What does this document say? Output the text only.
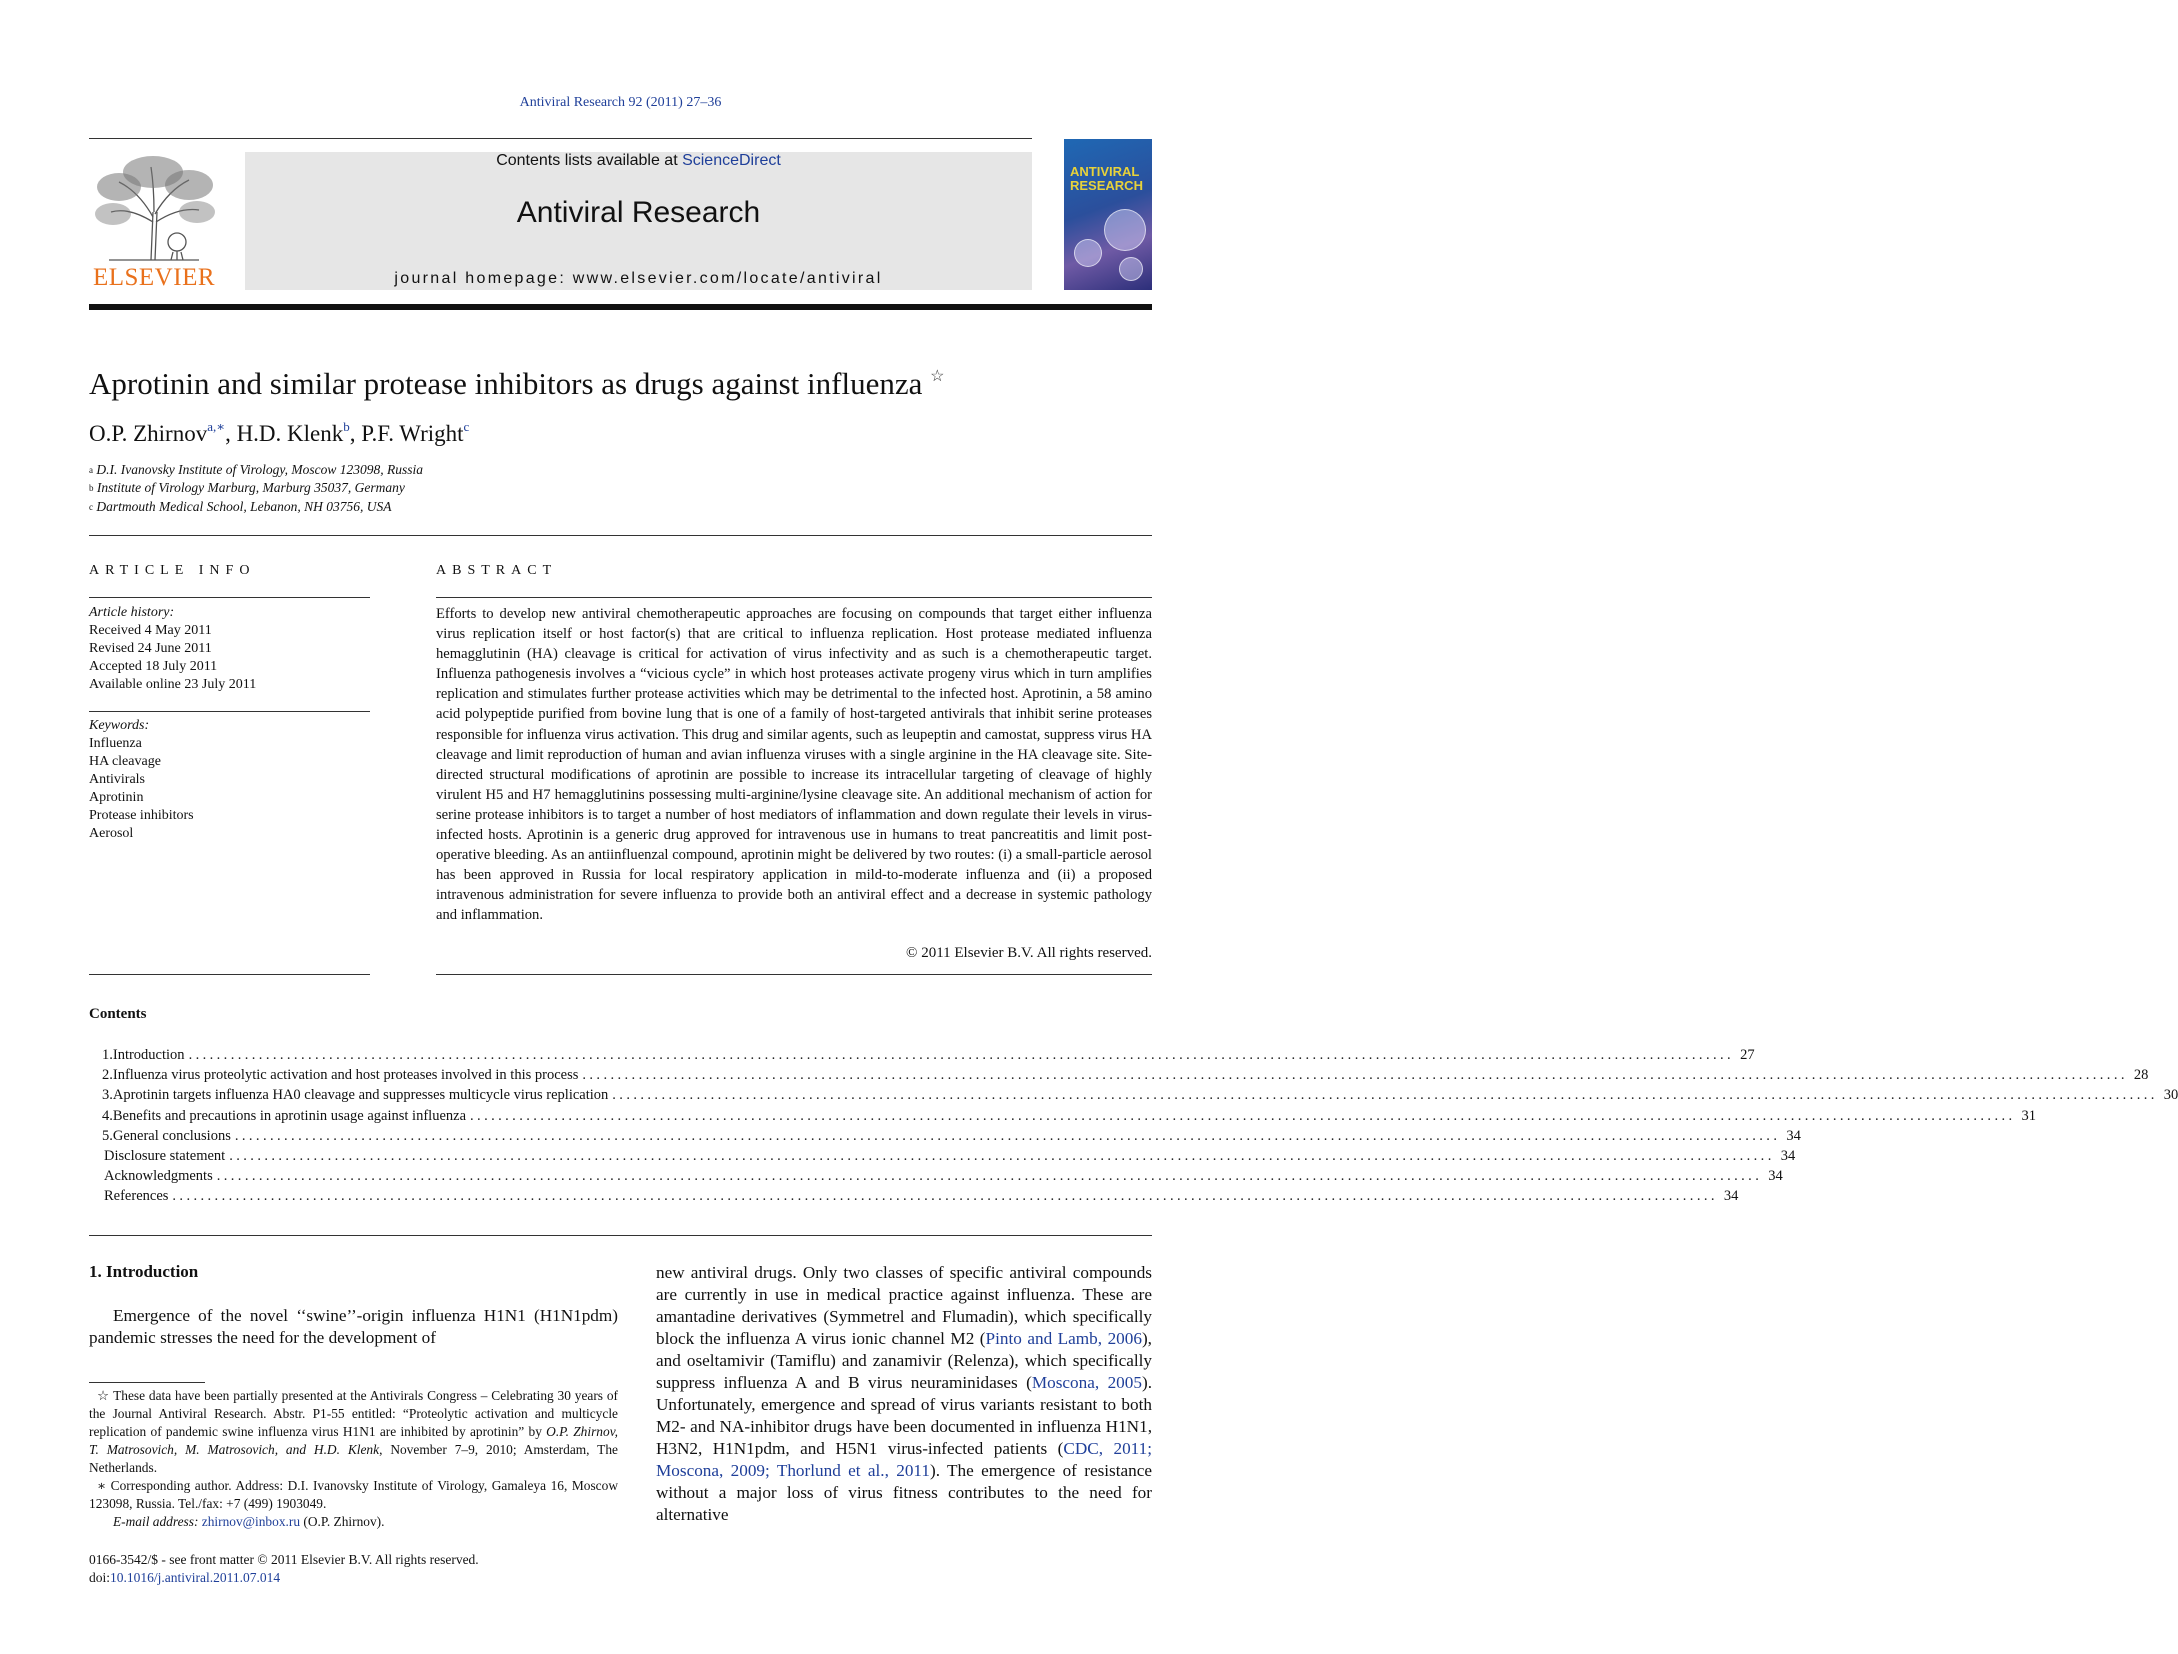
Antiviral Research 92 (2011) 27–36
ELSEVIER
Contents lists available at ScienceDirect
Antiviral Research
journal homepage: www.elsevier.com/locate/antiviral
ANTIVIRAL RESEARCH
Aprotinin and similar protease inhibitors as drugs against influenza ☆
O.P. Zhirnov$^{a,∗}$, H.D. Klenk$^b$, P.F. Wright$^c$
$^a$ D.I. Ivanovsky Institute of Virology, Moscow 123098, Russia
$^b$ Institute of Virology Marburg, Marburg 35037, Germany
$^c$ Dartmouth Medical School, Lebanon, NH 03756, USA
ARTICLE INFO	ABSTRACT
Article history:
Received 4 May 2011
Revised 24 June 2011
Accepted 18 July 2011
Available online 23 July 2011
Keywords:
Influenza
HA cleavage
Antivirals
Aprotinin
Protease inhibitors
Aerosol
Efforts to develop new antiviral chemotherapeutic approaches are focusing on compounds that target either influenza virus replication itself or host factor(s) that are critical to influenza replication. Host protease mediated influenza hemagglutinin (HA) cleavage is critical for activation of virus infectivity and as such is a chemotherapeutic target. Influenza pathogenesis involves a “vicious cycle” in which host proteases activate progeny virus which in turn amplifies replication and stimulates further protease activities which may be detrimental to the infected host. Aprotinin, a 58 amino acid polypeptide purified from bovine lung that is one of a family of host-targeted antivirals that inhibit serine proteases responsible for influenza virus activation. This drug and similar agents, such as leupeptin and camostat, suppress virus HA cleavage and limit reproduction of human and avian influenza viruses with a single arginine in the HA cleavage site. Site-directed structural modifications of aprotinin are possible to increase its intracellular targeting of cleavage of highly virulent H5 and H7 hemagglutinins possessing multi-arginine/lysine cleavage site. An additional mechanism of action for serine protease inhibitors is to target a number of host mediators of inflammation and down regulate their levels in virus-infected hosts. Aprotinin is a generic drug approved for intravenous use in humans to treat pancreatitis and limit post-operative bleeding. As an antiinfluenzal compound, aprotinin might be delivered by two routes: (i) a small-particle aerosol has been approved in Russia for local respiratory application in mild-to-moderate influenza and (ii) a proposed intravenous administration for severe influenza to provide both an antiviral effect and a decrease in systemic pathology and inflammation.
© 2011 Elsevier B.V. All rights reserved.
Contents
1. Introduction ............................................................................................................................................................................................................................ 27
2. Influenza virus proteolytic activation and host proteases involved in this process ............................................................................................................................................................................................................................ 28
3. Aprotinin targets influenza HA0 cleavage and suppresses multicycle virus replication ............................................................................................................................................................................................................................ 30
4. Benefits and precautions in aprotinin usage against influenza ............................................................................................................................................................................................................................ 31
5. General conclusions ............................................................................................................................................................................................................................ 34
Disclosure statement ............................................................................................................................................................................................................................ 34
Acknowledgments ............................................................................................................................................................................................................................ 34
References ............................................................................................................................................................................................................................ 34
1. Introduction
Emergence of the novel ‘‘swine’’-origin influenza H1N1 (H1N1pdm) pandemic stresses the need for the development of

☆ These data have been partially presented at the Antivirals Congress – Celebrating 30 years of the Journal Antiviral Research. Abstr. P1-55 entitled: “Proteolytic activation and multicycle replication of pandemic swine influenza virus H1N1 are inhibited by aprotinin” by O.P. Zhirnov, T. Matrosovich, M. Matrosovich, and H.D. Klenk, November 7–9, 2010; Amsterdam, The Netherlands.

∗ Corresponding author. Address: D.I. Ivanovsky Institute of Virology, Gamaleya 16, Moscow 123098, Russia. Tel./fax: +7 (499) 1903049.

E-mail address: zhirnov@inbox.ru (O.P. Zhirnov).

0166-3542/$ - see front matter © 2011 Elsevier B.V. All rights reserved.
doi:10.1016/j.antiviral.2011.07.014
new antiviral drugs. Only two classes of specific antiviral compounds are currently in use in medical practice against influenza. These are amantadine derivatives (Symmetrel and Flumadin), which specifically block the influenza A virus ionic channel M2 (Pinto and Lamb, 2006), and oseltamivir (Tamiflu) and zanamivir (Relenza), which specifically suppress influenza A and B virus neuraminidases (Moscona, 2005). Unfortunately, emergence and spread of virus variants resistant to both M2- and NA-inhibitor drugs have been documented in influenza H1N1, H3N2, H1N1pdm, and H5N1 virus-infected patients (CDC, 2011; Moscona, 2009; Thorlund et al., 2011). The emergence of resistance without a major loss of virus fitness contributes to the need for alternative
